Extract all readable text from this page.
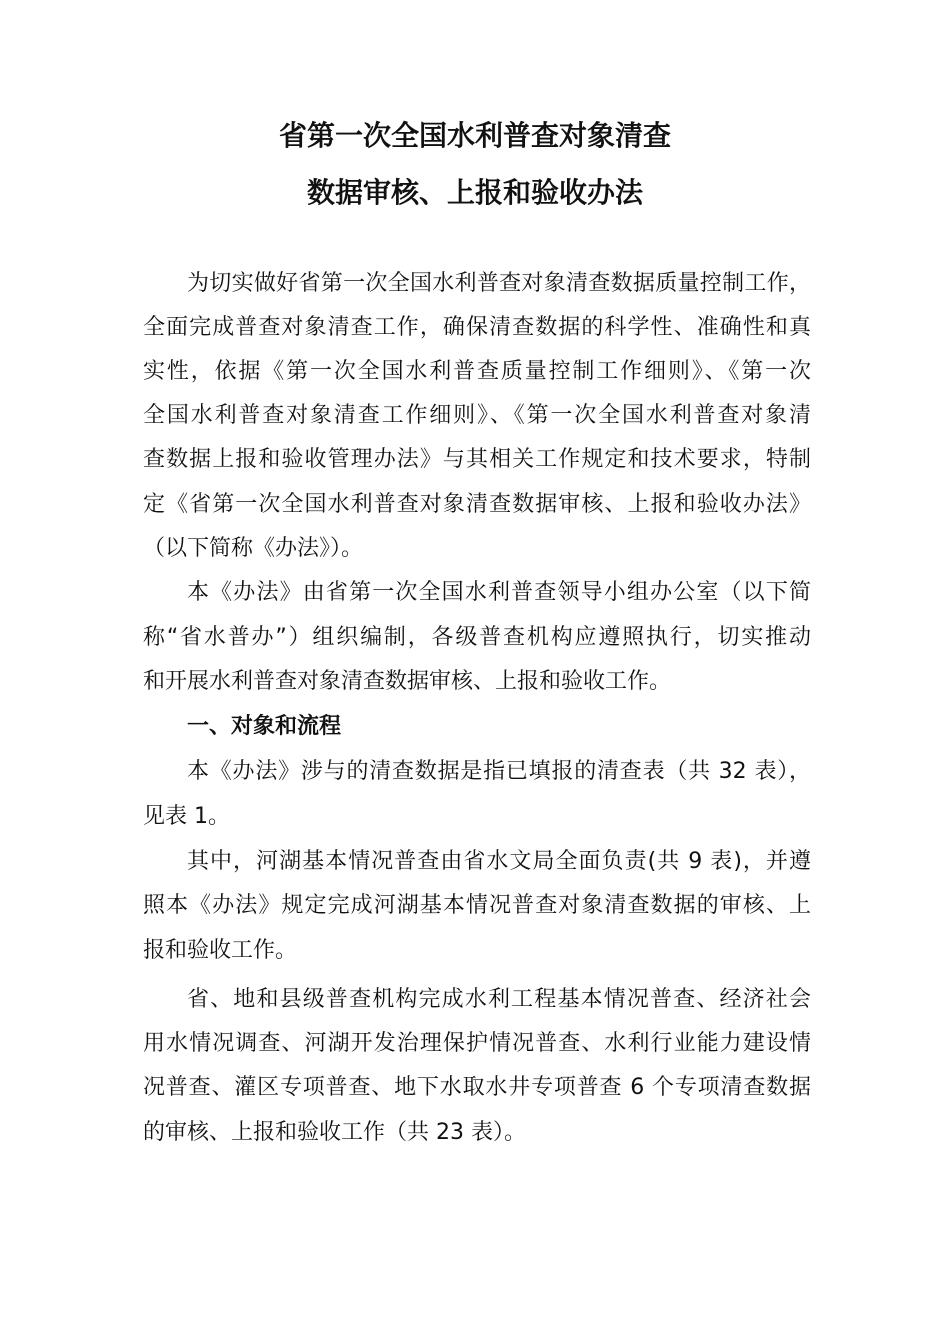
省第一次全国水利普查对象清查
数据审核、上报和验收办法

为切实做好省第一次全国水利普查对象清查数据质量控制工作，

全面完成普查对象清查工作，确保清查数据的科学性、准确性和真

实性，依据《第一次全国水利普查质量控制工作细则》、《第一次

全国水利普查对象清查工作细则》、《第一次全国水利普查对象清

查数据上报和验收管理办法》与其相关工作规定和技术要求，特制

定《省第一次全国水利普查对象清查数据审核、上报和验收办法》

（以下简称《办法》）。

本《办法》由省第一次全国水利普查领导小组办公室（以下简

称“省水普办”）组织编制，各级普查机构应遵照执行，切实推动

和开展水利普查对象清查数据审核、上报和验收工作。

一、对象和流程

本《办法》涉与的清查数据是指已填报的清查表（共 32 表），

见表 1。

其中，河湖基本情况普查由省水文局全面负责(共 9 表)，并遵

照本《办法》规定完成河湖基本情况普查对象清查数据的审核、上

报和验收工作。

省、地和县级普查机构完成水利工程基本情况普查、经济社会

用水情况调查、河湖开发治理保护情况普查、水利行业能力建设情

况普查、灌区专项普查、地下水取水井专项普查 6 个专项清查数据

的审核、上报和验收工作（共 23 表）。
